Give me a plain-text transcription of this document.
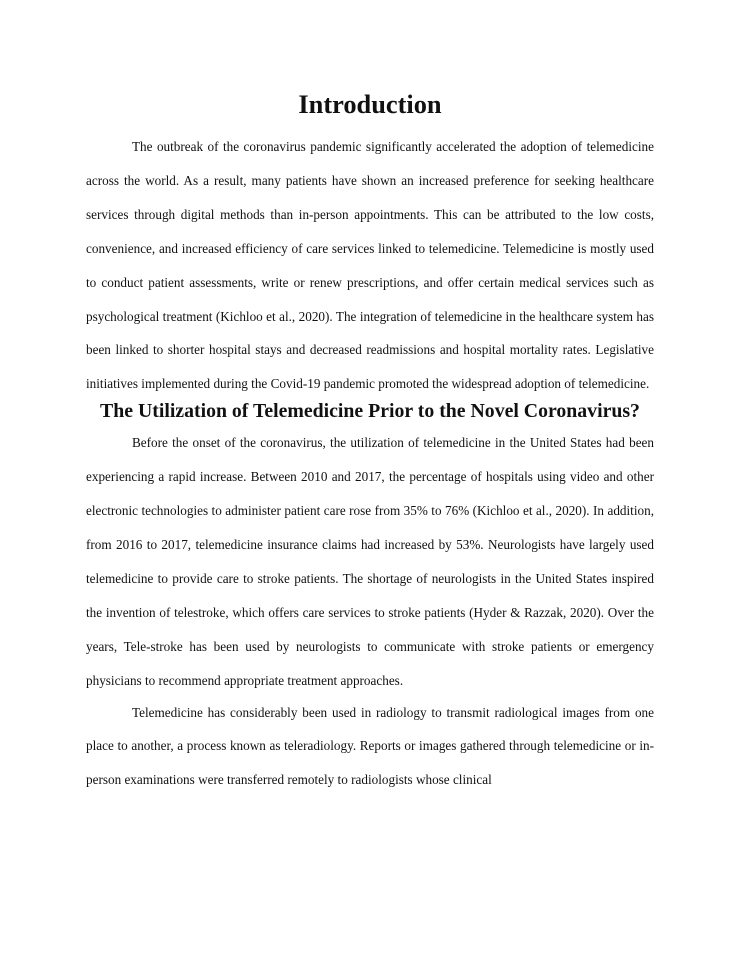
Introduction

The outbreak of the coronavirus pandemic significantly accelerated the adoption of telemedicine across the world. As a result, many patients have shown an increased preference for seeking healthcare services through digital methods than in-person appointments. This can be attributed to the low costs, convenience, and increased efficiency of care services linked to telemedicine. Telemedicine is mostly used to conduct patient assessments, write or renew prescriptions, and offer certain medical services such as psychological treatment (Kichloo et al., 2020). The integration of telemedicine in the healthcare system has been linked to shorter hospital stays and decreased readmissions and hospital mortality rates. Legislative initiatives implemented during the Covid-19 pandemic promoted the widespread adoption of telemedicine.

The Utilization of Telemedicine Prior to the Novel Coronavirus?

Before the onset of the coronavirus, the utilization of telemedicine in the United States had been experiencing a rapid increase. Between 2010 and 2017, the percentage of hospitals using video and other electronic technologies to administer patient care rose from 35% to 76% (Kichloo et al., 2020). In addition, from 2016 to 2017, telemedicine insurance claims had increased by 53%. Neurologists have largely used telemedicine to provide care to stroke patients. The shortage of neurologists in the United States inspired the invention of telestroke, which offers care services to stroke patients (Hyder & Razzak, 2020). Over the years, Tele-stroke has been used by neurologists to communicate with stroke patients or emergency physicians to recommend appropriate treatment approaches.

Telemedicine has considerably been used in radiology to transmit radiological images from one place to another, a process known as teleradiology. Reports or images gathered through telemedicine or in-person examinations were transferred remotely to radiologists whose clinical
